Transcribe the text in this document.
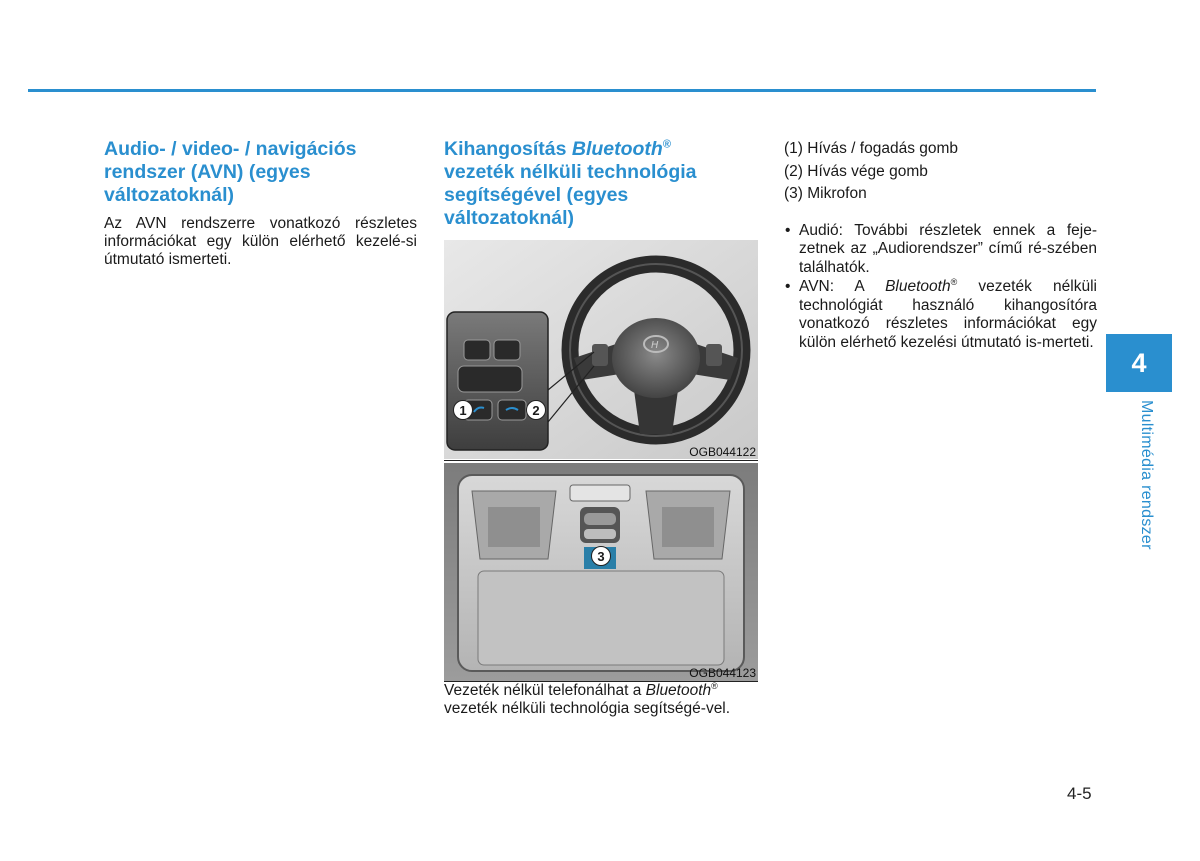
Audio- / video- / navigációs rendszer (AVN) (egyes változatoknál)

Az AVN rendszerre vonatkozó részletes információkat egy külön elérhető kezelé-si útmutató ismerteti.

Kihangosítás Bluetooth®
vezeték nélküli technológia segítségével (egyes változatoknál)
H
1	2
OGB044122
3
OGB044123

Vezeték nélkül telefonálhat a Bluetooth®
vezeték nélküli technológia segítségé-vel.

(1) Hívás / fogadás gomb
(2) Hívás vége gomb
(3) Mikrofon
• Audió: További részletek ennek a feje-zetnek az „Audiorendszer” című ré-szében találhatók.
• AVN: A Bluetooth® vezeték nélküli technológiát használó kihangosítóra vonatkozó részletes információkat egy külön elérhető kezelési útmutató is-merteti.
4
Multimédia rendszer
4-5
